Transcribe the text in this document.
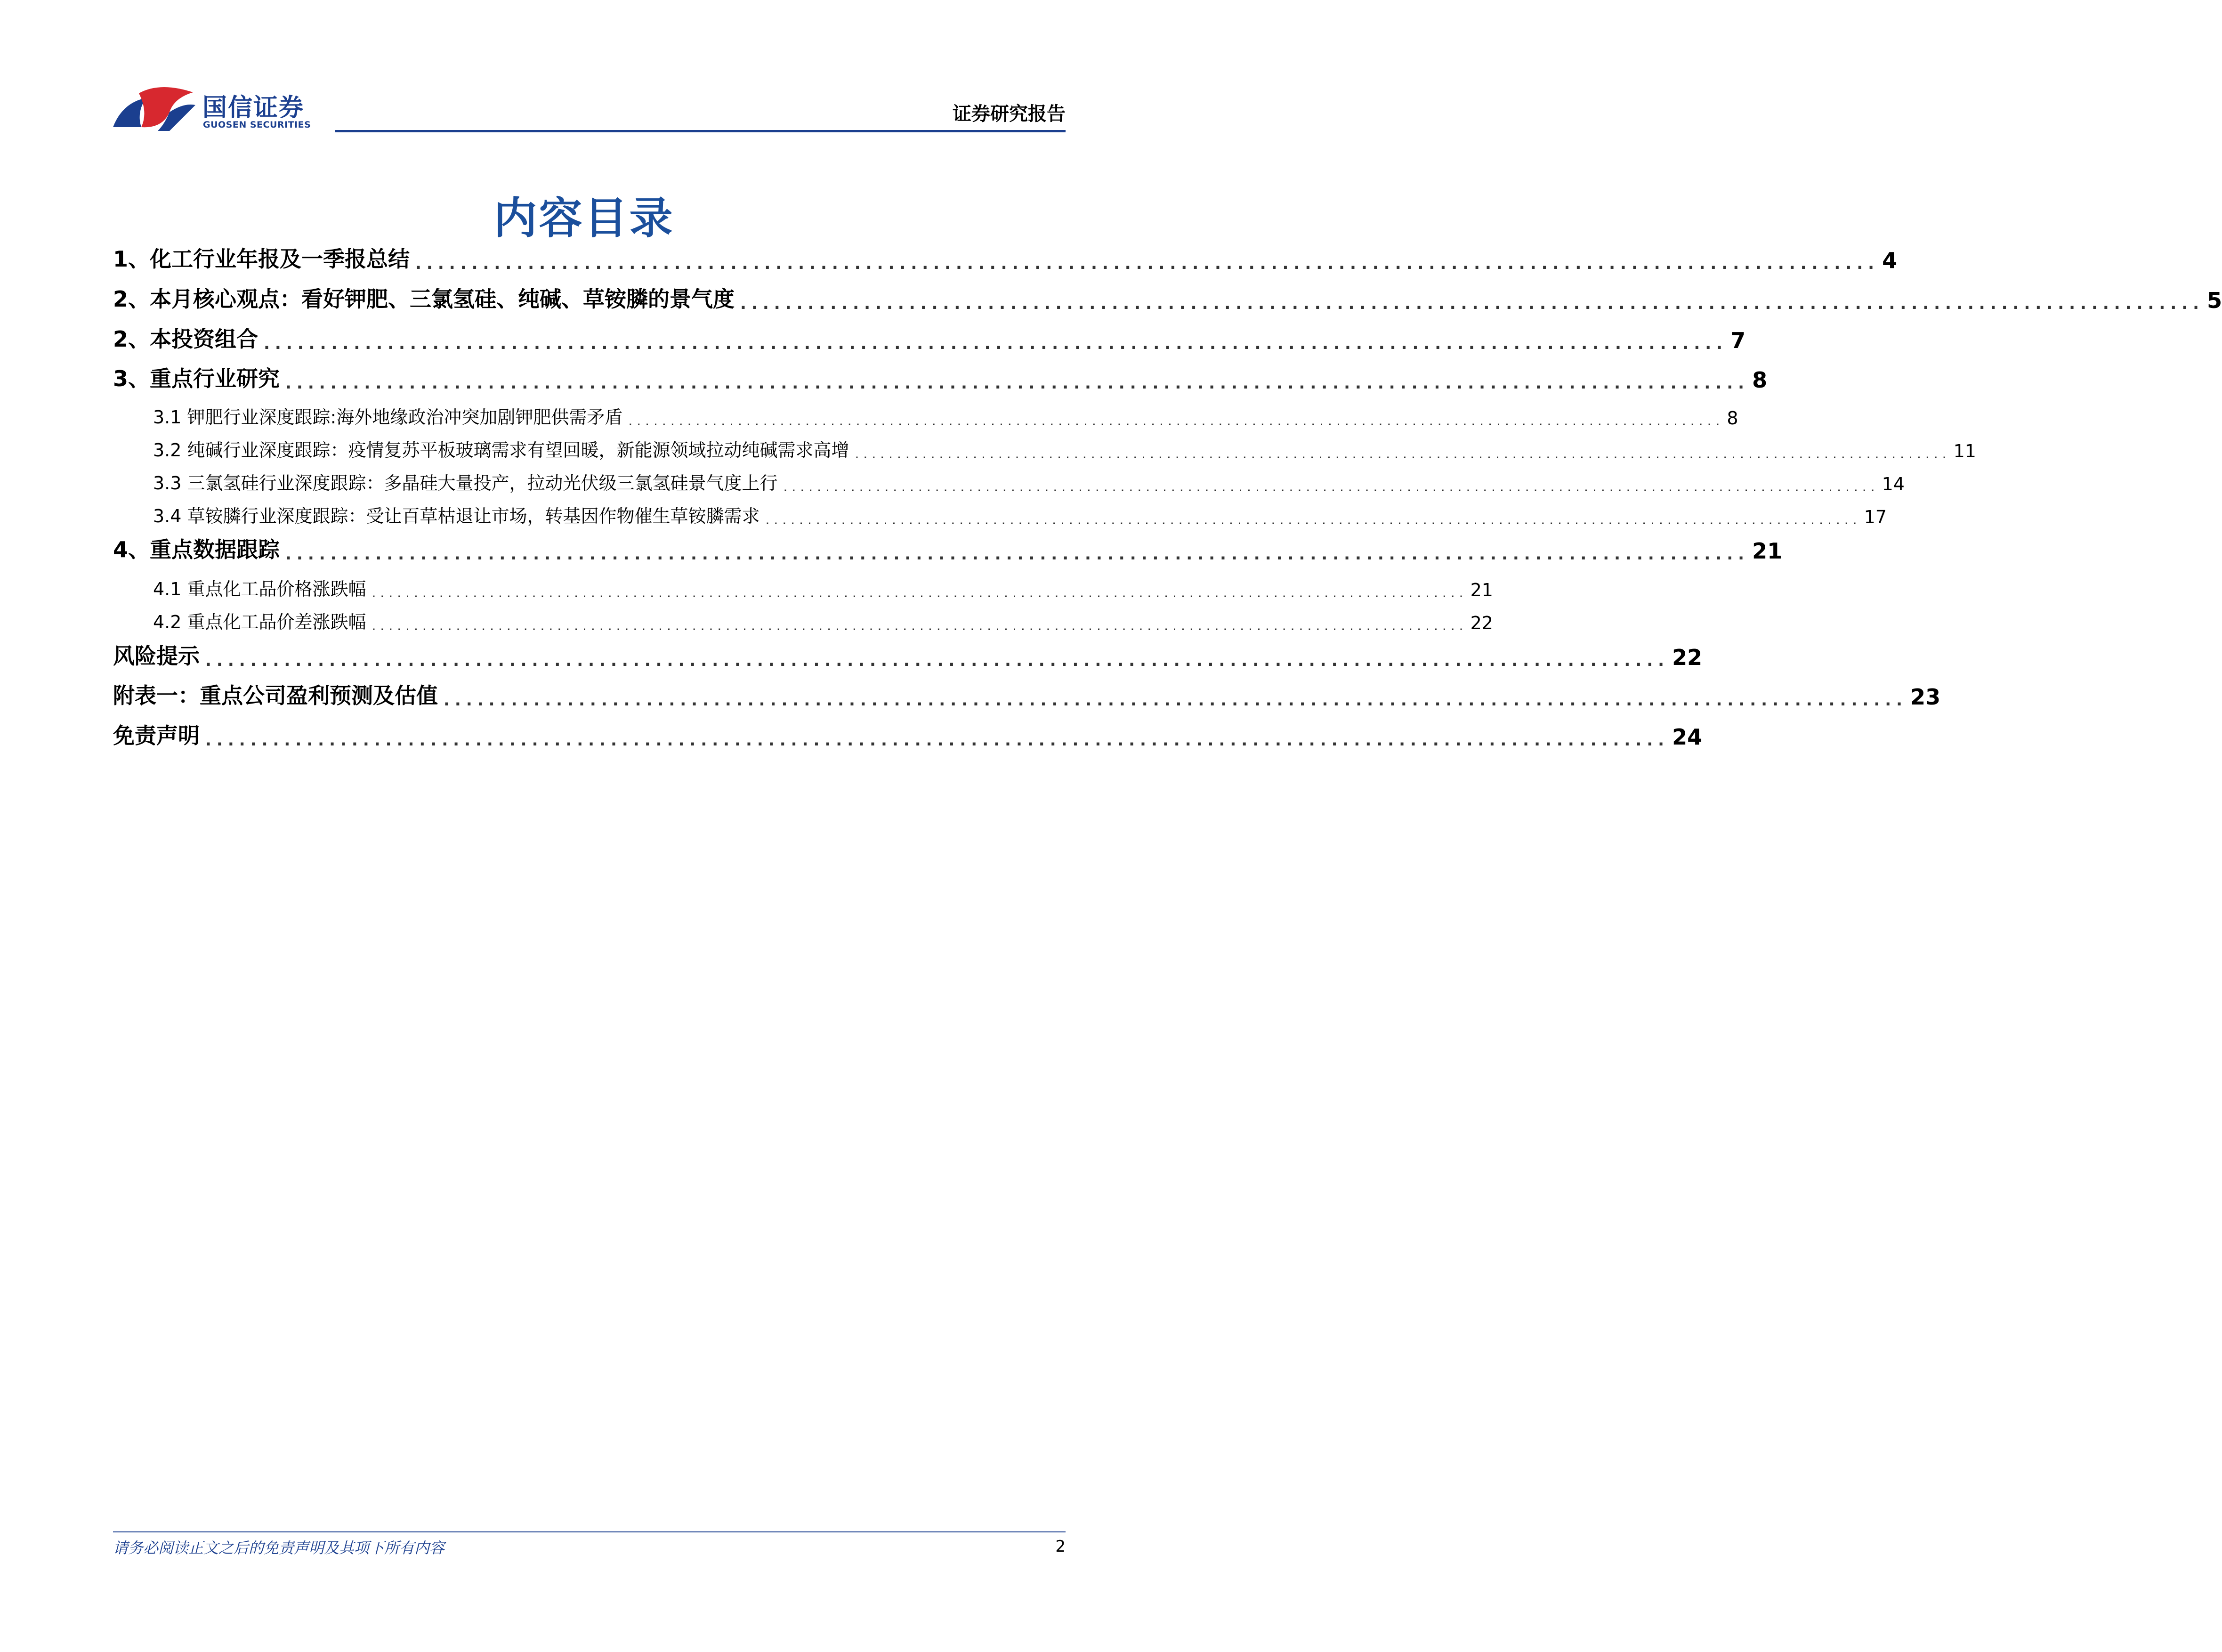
国信证券
GUOSEN SECURITIES	证券研究报告
内容目录
1、化工行业年报及一季报总结 .................................................................................................................................. 4
2、本月核心观点：看好钾肥、三氯氢硅、纯碱、草铵膦的景气度 .................................................................................................................................. 5
2、本投资组合 .................................................................................................................................. 7
3、重点行业研究 .................................................................................................................................. 8
3.1 钾肥行业深度跟踪:海外地缘政治冲突加剧钾肥供需矛盾 .................................................................................................................................. 8
3.2 纯碱行业深度跟踪：疫情复苏平板玻璃需求有望回暖，新能源领域拉动纯碱需求高增 .................................................................................................................................. 11
3.3 三氯氢硅行业深度跟踪：多晶硅大量投产，拉动光伏级三氯氢硅景气度上行 .................................................................................................................................. 14
3.4 草铵膦行业深度跟踪：受让百草枯退让市场，转基因作物催生草铵膦需求 .................................................................................................................................. 17
4、重点数据跟踪 .................................................................................................................................. 21
4.1 重点化工品价格涨跌幅 .................................................................................................................................. 21
4.2 重点化工品价差涨跌幅 .................................................................................................................................. 22
风险提示 .................................................................................................................................. 22
附表一：重点公司盈利预测及估值 .................................................................................................................................. 23
免责声明 .................................................................................................................................. 24
请务必阅读正文之后的免责声明及其项下所有内容	2
